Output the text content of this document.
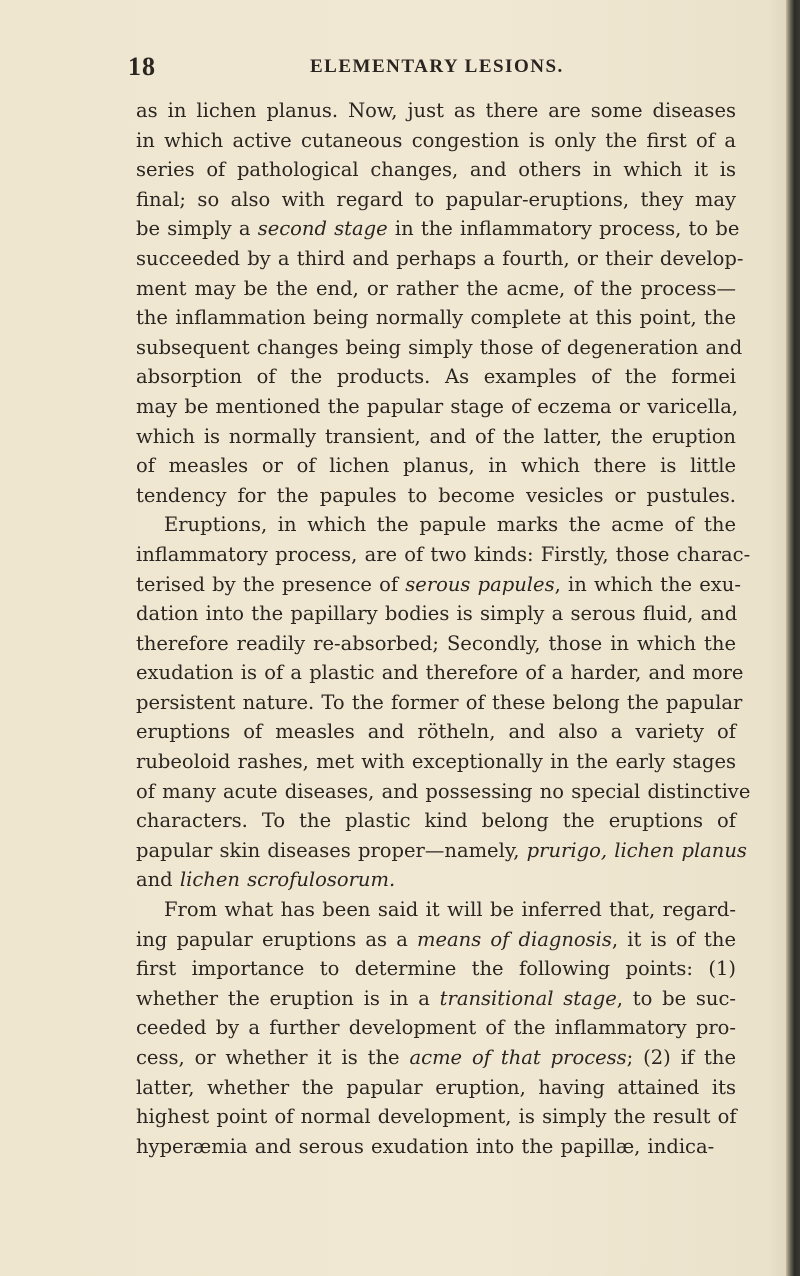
18	ELEMENTARY LESIONS.
as in lichen planus. Now, just as there are some diseases
in which active cutaneous congestion is only the first of a
series of pathological changes, and others in which it is
final; so also with regard to papular-eruptions, they may
be simply a second stage in the inflammatory process, to be
succeeded by a third and perhaps a fourth, or their develop-
ment may be the end, or rather the acme, of the process—
the inflammation being normally complete at this point, the
subsequent changes being simply those of degeneration and
absorption of the products. As examples of the formei
may be mentioned the papular stage of eczema or varicella,
which is normally transient, and of the latter, the eruption
of measles or of lichen planus, in which there is little
tendency for the papules to become vesicles or pustules.
Eruptions, in which the papule marks the acme of the
inflammatory process, are of two kinds: Firstly, those charac-
terised by the presence of serous papules, in which the exu-
dation into the papillary bodies is simply a serous fluid, and
therefore readily re-absorbed; Secondly, those in which the
exudation is of a plastic and therefore of a harder, and more
persistent nature. To the former of these belong the papular
eruptions of measles and rötheln, and also a variety of
rubeoloid rashes, met with exceptionally in the early stages
of many acute diseases, and possessing no special distinctive
characters. To the plastic kind belong the eruptions of
papular skin diseases proper—namely, prurigo, lichen planus
and lichen scrofulosorum.
From what has been said it will be inferred that, regard-
ing papular eruptions as a means of diagnosis, it is of the
first importance to determine the following points: (1)
whether the eruption is in a transitional stage, to be suc-
ceeded by a further development of the inflammatory pro-
cess, or whether it is the acme of that process; (2) if the
latter, whether the papular eruption, having attained its
highest point of normal development, is simply the result of
hyperæmia and serous exudation into the papillæ, indica-
